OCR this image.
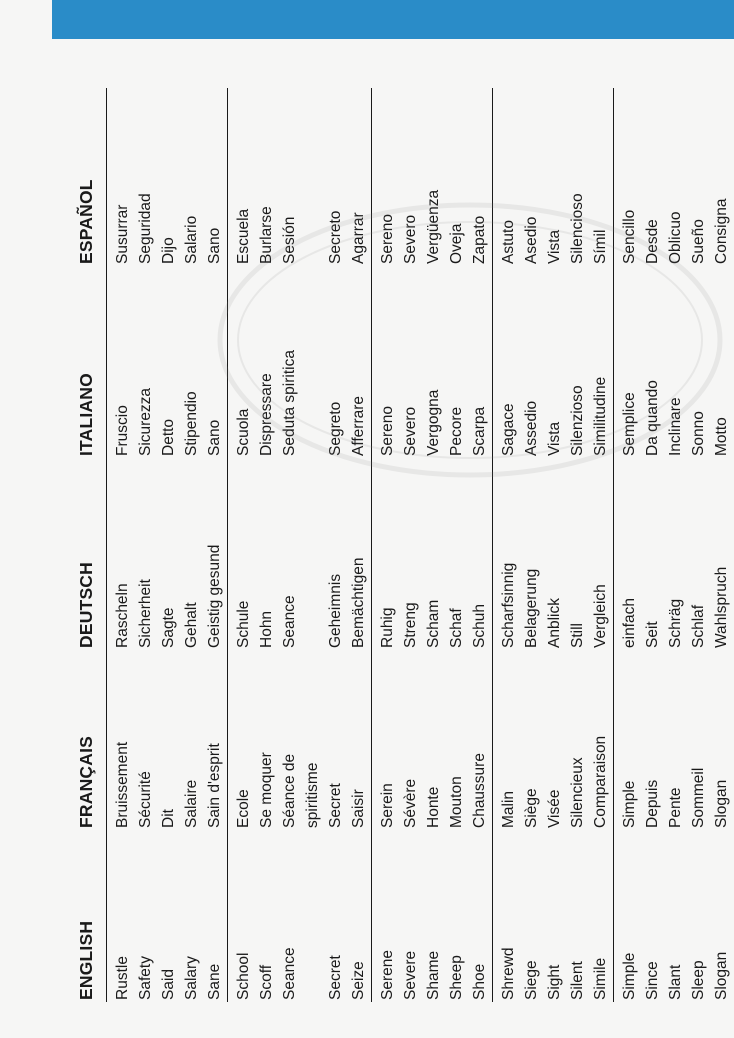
ENGLISH
FRANÇAIS
DEUTSCH
ITALIANO
ESPAÑOL
Rustle
Bruissement
Rascheln
Fruscio
Susurrar
Safety
Sécurité
Sicherheit
Sicurezza
Seguridad
Said
Dit
Sagte
Detto
Dijo
Salary
Salaire
Gehalt
Stipendio
Salario
Sane
Sain d'esprit
Geistig gesund
Sano
Sano
School
Ecole
Schule
Scuola
Escuela
Scoff
Se moquer
Hohn
Dispressare
Burlarse
Seance
Séance de
Seance
Seduta spiritica
Sesión
spiritisme
Secret
Secret
Geheimnis
Segreto
Secreto
Seize
Saisir
Bemächtigen
Afferrare
Agarrar
Serene
Serein
Ruhig
Sereno
Sereno
Severe
Sévère
Streng
Severo
Severo
Shame
Honte
Scham
Vergogna
Vergüenza
Sheep
Mouton
Schaf
Pecore
Oveja
Shoe
Chaussure
Schuh
Scarpa
Zapato
Shrewd
Malin
Scharfsinnig
Sagace
Astuto
Siege
Siège
Belagerung
Assedio
Asedio
Sight
Visée
Anblick
Vista
Vista
Silent
Silencieux
Still
Silenzioso
Silencioso
Simile
Comparaison
Vergleich
Similitudine
Símil
Simple
Simple
einfach
Semplice
Sencillo
Since
Depuis
Seit
Da quando
Desde
Slant
Pente
Schräg
Inclinare
Oblicuo
Sleep
Sommeil
Schlaf
Sonno
Sueño
Slogan
Slogan
Wahlspruch
Motto
Consigna
